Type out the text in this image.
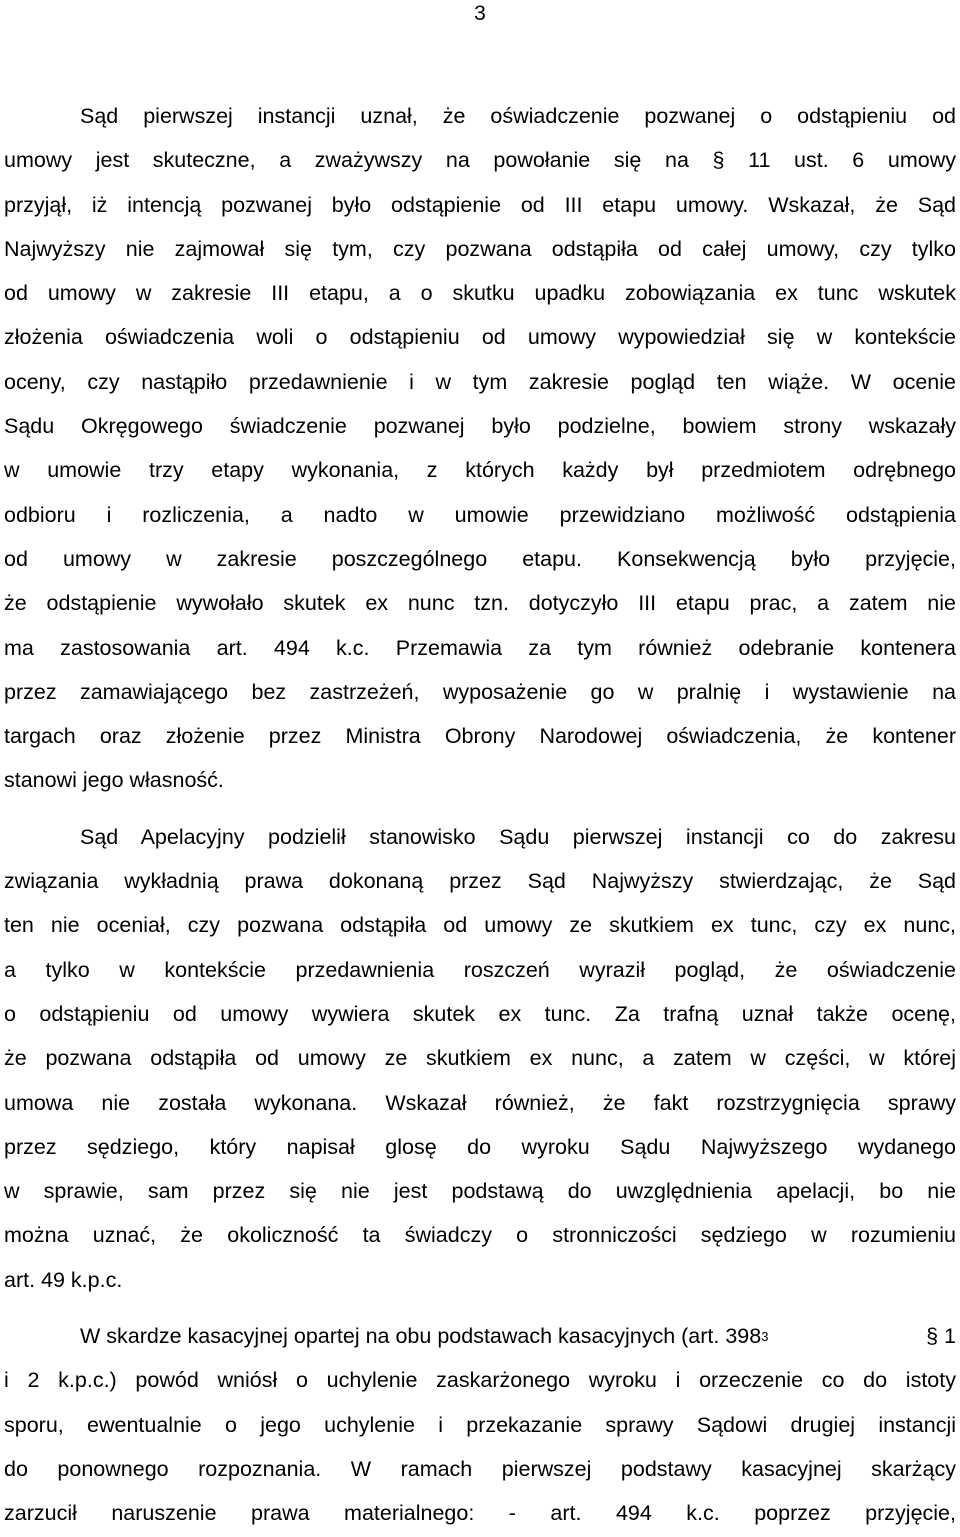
3
Sąd pierwszej instancji uznał, że oświadczenie pozwanej o odstąpieniu od
umowy jest skuteczne, a zważywszy na powołanie się na § 11 ust. 6 umowy
przyjął, iż intencją pozwanej było odstąpienie od III etapu umowy. Wskazał, że Sąd
Najwyższy nie zajmował się tym, czy pozwana odstąpiła od całej umowy, czy tylko
od umowy w zakresie III etapu, a o skutku upadku zobowiązania ex tunc wskutek
złożenia oświadczenia woli o odstąpieniu od umowy wypowiedział się w kontekście
oceny, czy nastąpiło przedawnienie i w tym zakresie pogląd ten wiąże. W ocenie
Sądu Okręgowego świadczenie pozwanej było podzielne, bowiem strony wskazały
w umowie trzy etapy wykonania, z których każdy był przedmiotem odrębnego
odbioru i rozliczenia, a nadto w umowie przewidziano możliwość odstąpienia
od umowy w zakresie poszczególnego etapu. Konsekwencją było przyjęcie,
że odstąpienie wywołało skutek ex nunc tzn. dotyczyło III etapu prac, a zatem nie
ma zastosowania art. 494 k.c. Przemawia za tym również odebranie kontenera
przez zamawiającego bez zastrzeżeń, wyposażenie go w pralnię i wystawienie na
targach oraz złożenie przez Ministra Obrony Narodowej oświadczenia, że kontener
stanowi jego własność.
Sąd Apelacyjny podzielił stanowisko Sądu pierwszej instancji co do zakresu
związania wykładnią prawa dokonaną przez Sąd Najwyższy stwierdzając, że Sąd
ten nie oceniał, czy pozwana odstąpiła od umowy ze skutkiem ex tunc, czy ex nunc,
a tylko w kontekście przedawnienia roszczeń wyraził pogląd, że oświadczenie
o odstąpieniu od umowy wywiera skutek ex tunc. Za trafną uznał także ocenę,
że pozwana odstąpiła od umowy ze skutkiem ex nunc, a zatem w części, w której
umowa nie została wykonana. Wskazał również, że fakt rozstrzygnięcia sprawy
przez sędziego, który napisał glosę do wyroku Sądu Najwyższego wydanego
w sprawie, sam przez się nie jest podstawą do uwzględnienia apelacji, bo nie
można uznać, że okoliczność ta świadczy o stronniczości sędziego w rozumieniu
art. 49 k.p.c.
W skardze kasacyjnej opartej na obu podstawach kasacyjnych (art. $398^3$	§ 1
i 2 k.p.c.) powód wniósł o uchylenie zaskarżonego wyroku i orzeczenie co do istoty
sporu, ewentualnie o jego uchylenie i przekazanie sprawy Sądowi drugiej instancji
do ponownego rozpoznania. W ramach pierwszej podstawy kasacyjnej skarżący
zarzucił naruszenie prawa materialnego: - art. 494 k.c. poprzez przyjęcie,
